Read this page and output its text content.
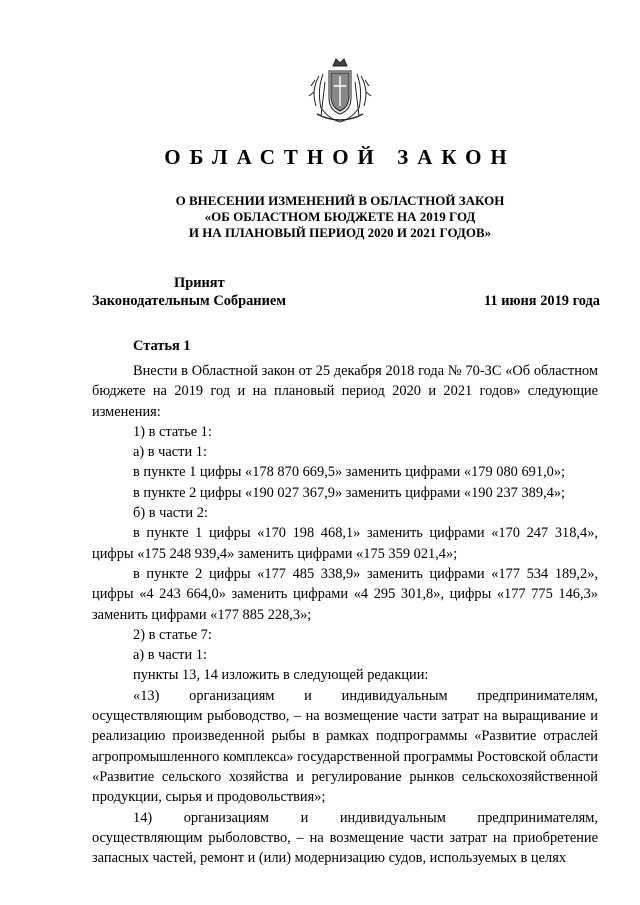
ОБЛАСТНОЙ ЗАКОН
О ВНЕСЕНИИ ИЗМЕНЕНИЙ В ОБЛАСТНОЙ ЗАКОН
«ОБ ОБЛАСТНОМ БЮДЖЕТЕ НА 2019 ГОД
И НА ПЛАНОВЫЙ ПЕРИОД 2020 И 2021 ГОДОВ»
Принят
Законодательным Собранием	11 июня 2019 года
Статья 1

Внести в Областной закон от 25 декабря 2018 года № 70-ЗС «Об областном бюджете на 2019 год и на плановый период 2020 и 2021 годов» следующие изменения:

1) в статье 1:

а) в части 1:

в пункте 1 цифры «178 870 669,5» заменить цифрами «179 080 691,0»;

в пункте 2 цифры «190 027 367,9» заменить цифрами «190 237 389,4»;

б) в части 2:

в пункте 1 цифры «170 198 468,1» заменить цифрами «170 247 318,4», цифры «175 248 939,4» заменить цифрами «175 359 021,4»;

в пункте 2 цифры «177 485 338,9» заменить цифрами «177 534 189,2», цифры «4 243 664,0» заменить цифрами «4 295 301,8», цифры «177 775 146,3» заменить цифрами «177 885 228,3»;

2) в статье 7:

а) в части 1:

пункты 13, 14 изложить в следующей редакции:

«13) организациям и индивидуальным предпринимателям, осуществляющим рыбоводство, – на возмещение части затрат на выращивание и реализацию произведенной рыбы в рамках подпрограммы «Развитие отраслей агропромышленного комплекса» государственной программы Ростовской области «Развитие сельского хозяйства и регулирование рынков сельскохозяйственной продукции, сырья и продовольствия»;

14) организациям и индивидуальным предпринимателям, осуществляющим рыболовство, – на возмещение части затрат на приобретение запасных частей, ремонт и (или) модернизацию судов, используемых в целях
